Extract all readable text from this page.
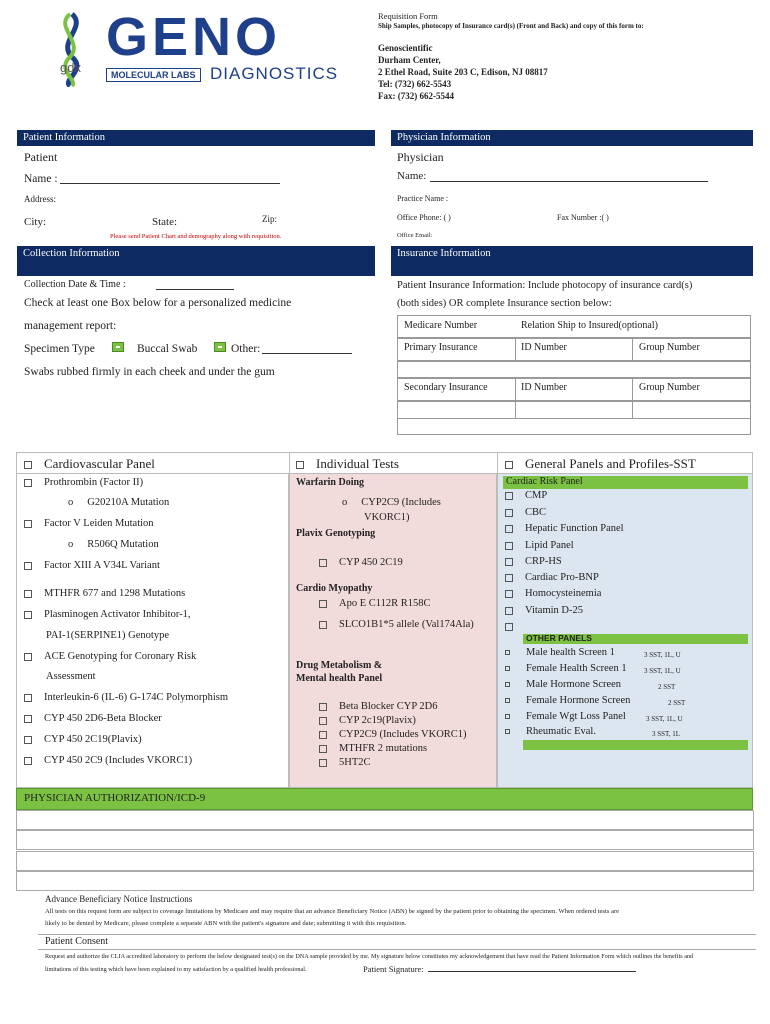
gdx
GENO
MOLECULAR LABS DIAGNOSTICS
Requisition Form
Ship Samples, photocopy of Insurance card(s) (Front and Back) and copy of this form to:
Genoscientific
Durham Center,
2 Ethel Road, Suite 203 C, Edison, NJ 08817
Tel: (732) 662-5543
Fax: (732) 662-5544
Patient Information
Patient
Name :
Address:
City:	State:	Zip:
Please send Patient Chart and demography along with requisition.
Physician Information
Physician
Name:
Practice Name :
Office Phone: ( )	Fax Number :( )
Office Email:
Collection Information
Collection Date & Time :
Check at least one Box below for a personalized medicine
management report:
Specimen Type	Buccal Swab	Other:
Swabs rubbed firmly in each cheek and under the gum
Insurance Information
Patient Insurance Information: Include photocopy of insurance card(s)
(both sides) OR complete Insurance section below:
Medicare Number	Relation Ship to Insured(optional)
Primary Insurance	ID Number	Group Number
Secondary Insurance	ID Number	Group Number
Cardiovascular Panel	Individual Tests	General Panels and Profiles-SST
Prothrombin (Factor II)
o G20210A Mutation
Factor V Leiden Mutation
o R506Q Mutation
Factor XIII A V34L Variant
MTHFR 677 and 1298 Mutations
Plasminogen Activator Inhibitor-1,
PAI-1(SERPINE1) Genotype
ACE Genotyping for Coronary Risk
Assessment
Interleukin-6 (IL-6) G-174C Polymorphism
CYP 450 2D6-Beta Blocker
CYP 450 2C19(Plavix)
CYP 450 2C9 (Includes VKORC1)
Warfarin Doing
o CYP2C9 (Includes
VKORC1)
Plavix Genotyping
CYP 450 2C19
Cardio Myopathy
Apo E C112R R158C
SLCO1B1*5 allele (Val174Ala)
Drug Metabolism &
Mental health Panel
Beta Blocker CYP 2D6
CYP 2c19(Plavix)
CYP2C9 (Includes VKORC1)
MTHFR 2 mutations
5HT2C
Cardiac Risk Panel
CMP
CBC
Hepatic Function Panel
Lipid Panel
CRP-HS
Cardiac Pro-BNP
Homocysteinemia
Vitamin D-25
OTHER PANELS
Male health Screen 1	3 SST, 1L, U
Female Health Screen 1 3 SST, 1L, U
Male Hormone Screen	2 SST
Female Hormone Screen	2 SST
Female Wgt Loss Panel	3 SST, 1L, U
Rheumatic Eval.	3 SST, 1L
PHYSICIAN AUTHORIZATION/ICD-9
Advance Beneficiary Notice Instructions
All tests on this request form are subject to coverage limitations by Medicare and may require that an advance Beneficiary Notice (ABN) be signed by the patient prior to obtaining the specimen. When ordered tests are
likely to be denied by Medicare, please complete a separate ABN with the patient's signature and date; submitting it with this requisition.
Patient Consent
Request and authorize the CLIA accredited laboratory to perform the below designated test(s) on the DNA sample provided by me. My signature below constitutes my acknowledgement that have read the Patient Information Form which outlines the benefits and
limitations of this testing which have been explained to my satisfaction by a qualified health professional.	Patient Signature:
